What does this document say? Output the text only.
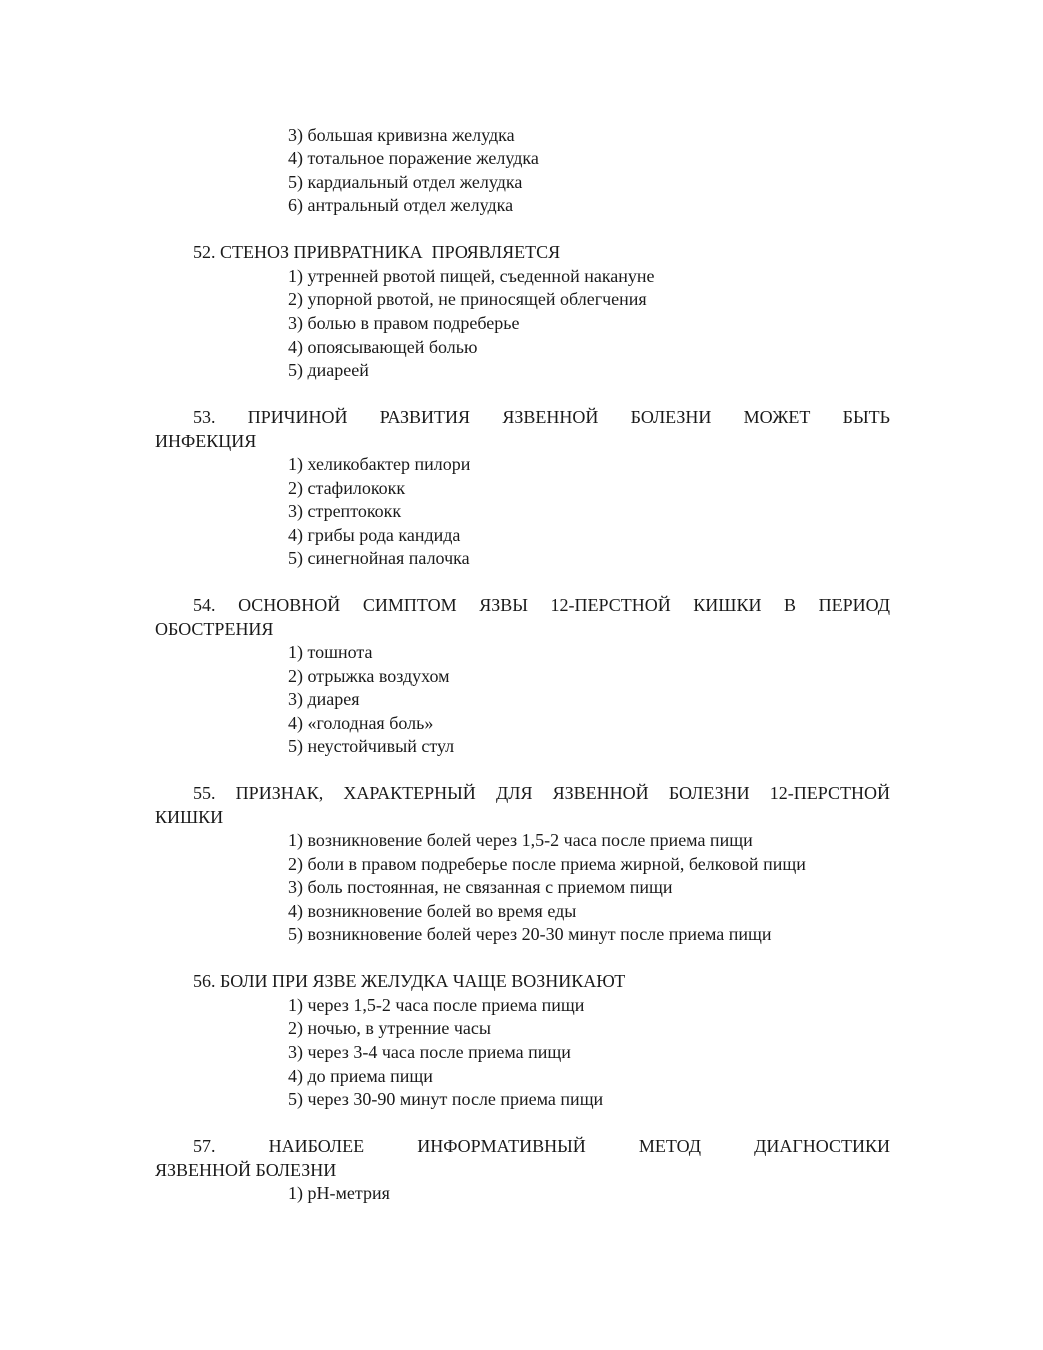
3) большая кривизна желудка
4) тотальное поражение желудка
5) кардиальный отдел желудка
6) антральный отдел желудка
52. СТЕНОЗ ПРИВРАТНИКА  ПРОЯВЛЯЕТСЯ
1) утренней рвотой пищей, съеденной накануне
2) упорной рвотой, не приносящей облегчения
3) болью в правом подреберье
4) опоясывающей болью
5) диареей
53. ПРИЧИНОЙ РАЗВИТИЯ ЯЗВЕННОЙ БОЛЕЗНИ МОЖЕТ БЫТЬ
ИНФЕКЦИЯ
1) хеликобактер пилори
2) стафилококк
3) стрептококк
4) грибы рода кандида
5) синегнойная палочка
54. ОСНОВНОЙ СИМПТОМ ЯЗВЫ 12-ПЕРСТНОЙ КИШКИ В ПЕРИОД
ОБОСТРЕНИЯ
1) тошнота
2) отрыжка воздухом
3) диарея
4) «голодная боль»
5) неустойчивый стул
55. ПРИЗНАК, ХАРАКТЕРНЫЙ ДЛЯ ЯЗВЕННОЙ БОЛЕЗНИ 12-ПЕРСТНОЙ
КИШКИ
1) возникновение болей через 1,5-2 часа после приема пищи
2) боли в правом подреберье после приема жирной, белковой пищи
3) боль постоянная, не связанная с приемом пищи
4) возникновение болей во время еды
5) возникновение болей через 20-30 минут после приема пищи
56. БОЛИ ПРИ ЯЗВЕ ЖЕЛУДКА ЧАЩЕ ВОЗНИКАЮТ
1) через 1,5-2 часа после приема пищи
2) ночью, в утренние часы
3) через 3-4 часа после приема пищи
4) до приема пищи
5) через 30-90 минут после приема пищи
57. НАИБОЛЕЕ ИНФОРМАТИВНЫЙ МЕТОД ДИАГНОСТИКИ
ЯЗВЕННОЙ БОЛЕЗНИ
1) рН-метрия
